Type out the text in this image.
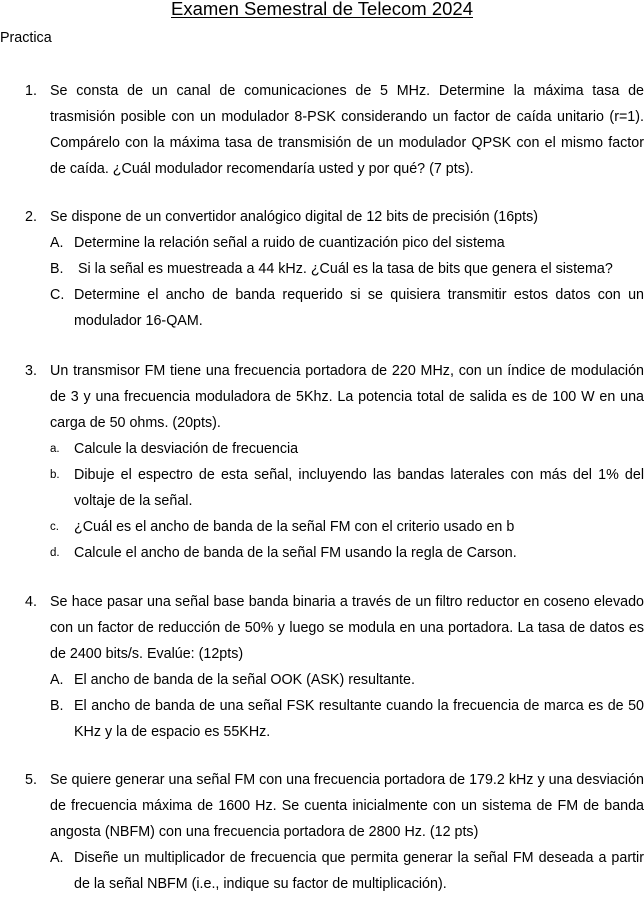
Examen Semestral de Telecom 2024
Practica
1. Se consta de un canal de comunicaciones de 5 MHz. Determine la máxima tasa de trasmisión posible con un modulador 8-PSK considerando un factor de caída unitario (r=1). Compárelo con la máxima tasa de transmisión de un modulador QPSK con el mismo factor de caída. ¿Cuál modulador recomendaría usted y por qué? (7 pts).

2. Se dispone de un convertidor analógico digital de 12 bits de precisión (16pts)

A. Determine la relación señal a ruido de cuantización pico del sistema
B. Si la señal es muestreada a 44 kHz. ¿Cuál es la tasa de bits que genera el sistema?
C. Determine el ancho de banda requerido si se quisiera transmitir estos datos con un modulador 16-QAM.
3. Un transmisor FM tiene una frecuencia portadora de 220 MHz, con un índice de modulación de 3 y una frecuencia moduladora de 5Khz. La potencia total de salida es de 100 W en una carga de 50 ohms. (20pts).

a. Calcule la desviación de frecuencia
b. Dibuje el espectro de esta señal, incluyendo las bandas laterales con más del 1% del voltaje de la señal.
c. ¿Cuál es el ancho de banda de la señal FM con el criterio usado en b
d. Calcule el ancho de banda de la señal FM usando la regla de Carson.
4. Se hace pasar una señal base banda binaria a través de un filtro reductor en coseno elevado con un factor de reducción de 50% y luego se modula en una portadora. La tasa de datos es de 2400 bits/s. Evalúe: (12pts)

A. El ancho de banda de la señal OOK (ASK) resultante.
B. El ancho de banda de una señal FSK resultante cuando la frecuencia de marca es de 50 KHz y la de espacio es 55KHz.
5. Se quiere generar una señal FM con una frecuencia portadora de 179.2 kHz y una desviación de frecuencia máxima de 1600 Hz. Se cuenta inicialmente con un sistema de FM de banda angosta (NBFM) con una frecuencia portadora de 2800 Hz. (12 pts)

A. Diseñe un multiplicador de frecuencia que permita generar la señal FM deseada a partir de la señal NBFM (i.e., indique su factor de multiplicación).
